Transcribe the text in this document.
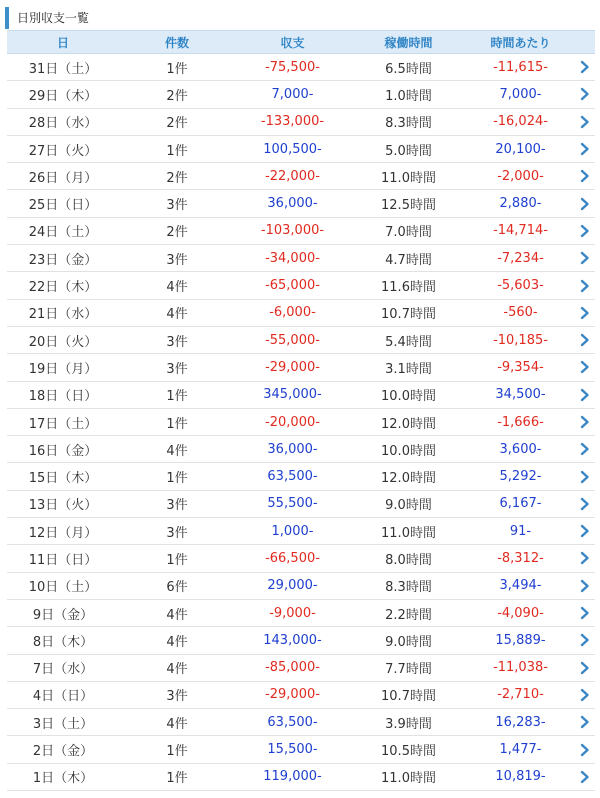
日別収支一覧
日	件数	収支	稼働時間	時間あたり
31日（土）	1件	-75,500-	6.5時間	-11,615-
29日（木）	2件	7,000-	1.0時間	7,000-
28日（水）	2件	-133,000-	8.3時間	-16,024-
27日（火）	1件	100,500-	5.0時間	20,100-
26日（月）	2件	-22,000-	11.0時間	-2,000-
25日（日）	3件	36,000-	12.5時間	2,880-
24日（土）	2件	-103,000-	7.0時間	-14,714-
23日（金）	3件	-34,000-	4.7時間	-7,234-
22日（木）	4件	-65,000-	11.6時間	-5,603-
21日（水）	4件	-6,000-	10.7時間	-560-
20日（火）	3件	-55,000-	5.4時間	-10,185-
19日（月）	3件	-29,000-	3.1時間	-9,354-
18日（日）	1件	345,000-	10.0時間	34,500-
17日（土）	1件	-20,000-	12.0時間	-1,666-
16日（金）	4件	36,000-	10.0時間	3,600-
15日（木）	1件	63,500-	12.0時間	5,292-
13日（火）	3件	55,500-	9.0時間	6,167-
12日（月）	3件	1,000-	11.0時間	91-
11日（日）	1件	-66,500-	8.0時間	-8,312-
10日（土）	6件	29,000-	8.3時間	3,494-
9日（金）	4件	-9,000-	2.2時間	-4,090-
8日（木）	4件	143,000-	9.0時間	15,889-
7日（水）	4件	-85,000-	7.7時間	-11,038-
4日（日）	3件	-29,000-	10.7時間	-2,710-
3日（土）	4件	63,500-	3.9時間	16,283-
2日（金）	1件	15,500-	10.5時間	1,477-
1日（木）	1件	119,000-	11.0時間	10,819-
